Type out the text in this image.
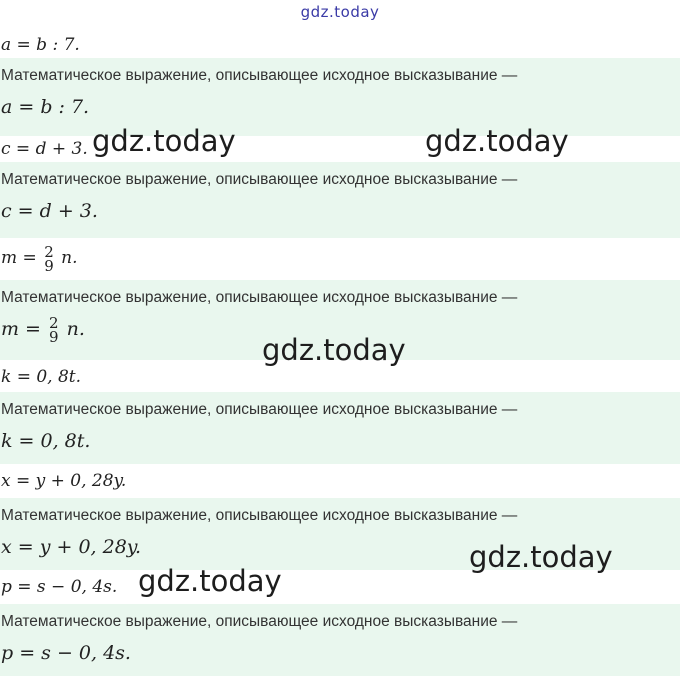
gdz.today
a = b : 7.
Математическое выражение, описывающее исходное высказывание —
a = b : 7.
c = d + 3.
Математическое выражение, описывающее исходное высказывание —
c = d + 3.
m = 2
9 n.
Математическое выражение, описывающее исходное высказывание —
m = 2
9 n.
k = 0, 8t.
Математическое выражение, описывающее исходное высказывание —
k = 0, 8t.
x = y + 0, 28y.
Математическое выражение, описывающее исходное высказывание —
x = y + 0, 28y.
p = s − 0, 4s.
Математическое выражение, описывающее исходное высказывание —
p = s − 0, 4s.
gdz.today	gdz.today
gdz.today
gdz.today
gdz.today
